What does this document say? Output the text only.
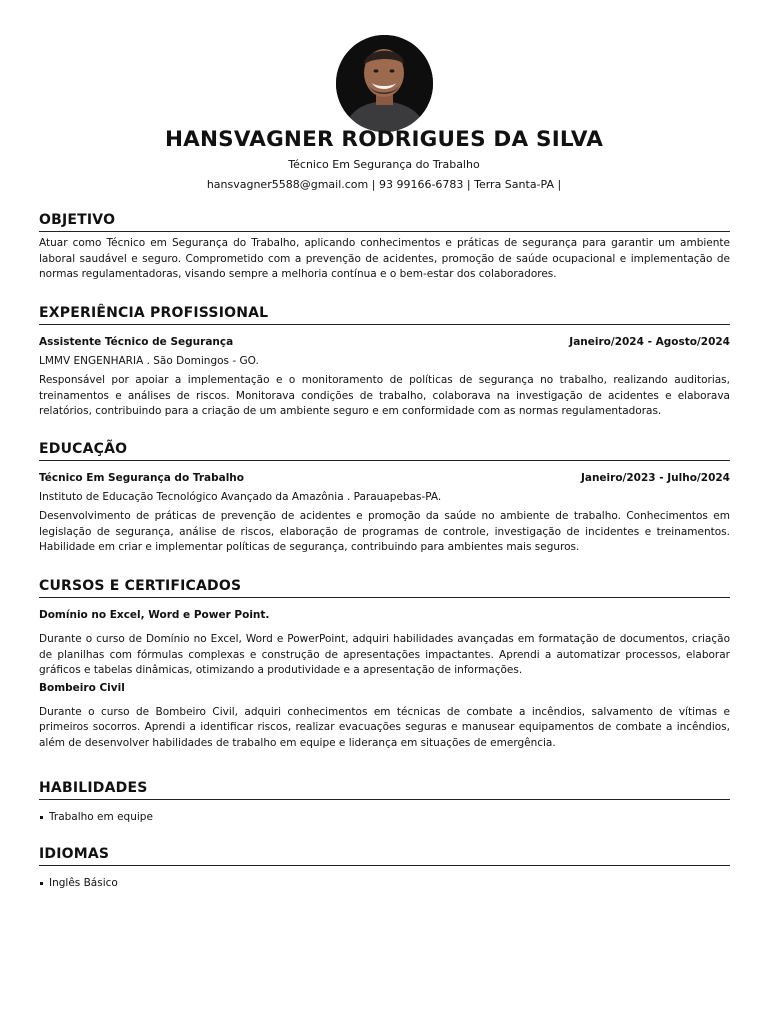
HANSVAGNER RODRIGUES DA SILVA
Técnico Em Segurança do Trabalho
hansvagner5588@gmail.com | 93 99166-6783 | Terra Santa-PA |
OBJETIVO

Atuar como Técnico em Segurança do Trabalho, aplicando conhecimentos e práticas de segurança para garantir um ambiente laboral saudável e seguro. Comprometido com a prevenção de acidentes, promoção de saúde ocupacional e implementação de normas regulamentadoras, visando sempre a melhoria contínua e o bem-estar dos colaboradores.

EXPERIÊNCIA PROFISSIONAL
Assistente Técnico de Segurança	Janeiro/2024 - Agosto/2024
LMMV ENGENHARIA . São Domingos - GO.

Responsável por apoiar a implementação e o monitoramento de políticas de segurança no trabalho, realizando auditorias, treinamentos e análises de riscos. Monitorava condições de trabalho, colaborava na investigação de acidentes e elaborava relatórios, contribuindo para a criação de um ambiente seguro e em conformidade com as normas regulamentadoras.

EDUCAÇÃO
Técnico Em Segurança do Trabalho	Janeiro/2023 - Julho/2024
Instituto de Educação Tecnológico Avançado da Amazônia . Parauapebas-PA.

Desenvolvimento de práticas de prevenção de acidentes e promoção da saúde no ambiente de trabalho. Conhecimentos em legislação de segurança, análise de riscos, elaboração de programas de controle, investigação de incidentes e treinamentos. Habilidade em criar e implementar políticas de segurança, contribuindo para ambientes mais seguros.

CURSOS E CERTIFICADOS
Domínio no Excel, Word e Power Point.

Durante o curso de Domínio no Excel, Word e PowerPoint, adquiri habilidades avançadas em formatação de documentos, criação de planilhas com fórmulas complexas e construção de apresentações impactantes. Aprendi a automatizar processos, elaborar gráficos e tabelas dinâmicas, otimizando a produtividade e a apresentação de informações.

Bombeiro Civil

Durante o curso de Bombeiro Civil, adquiri conhecimentos em técnicas de combate a incêndios, salvamento de vítimas e primeiros socorros. Aprendi a identificar riscos, realizar evacuações seguras e manusear equipamentos de combate a incêndios, além de desenvolver habilidades de trabalho em equipe e liderança em situações de emergência.

HABILIDADES
Trabalho em equipe
IDIOMAS
Inglês Básico
